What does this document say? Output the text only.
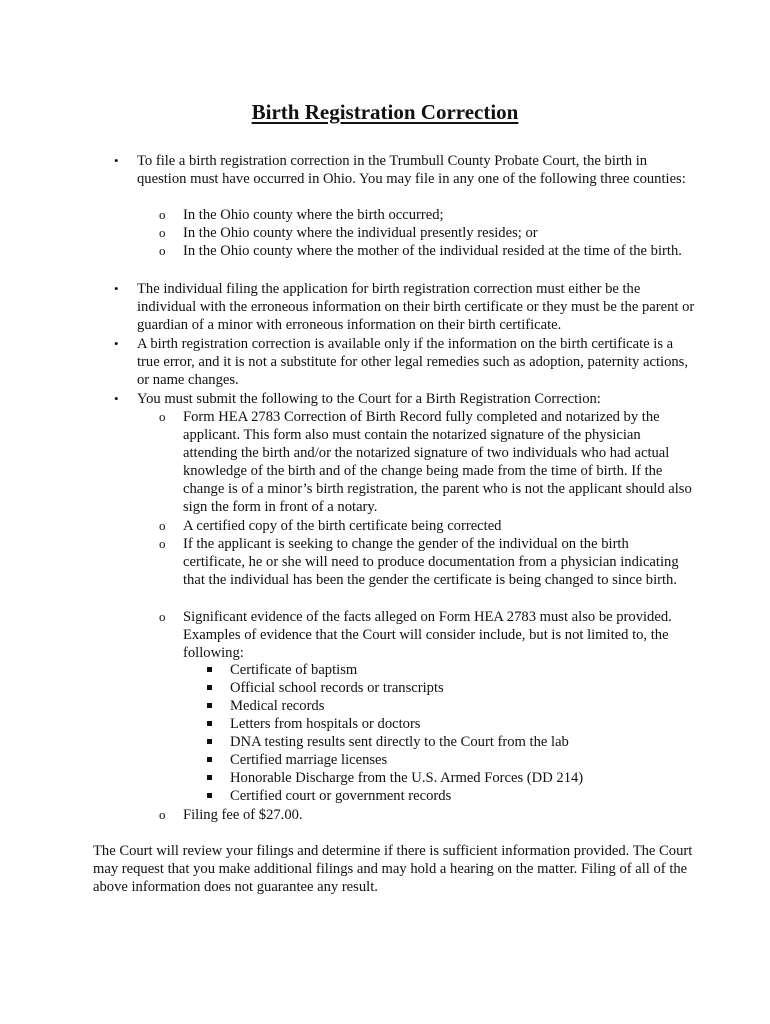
Birth Registration Correction
• To file a birth registration correction in the Trumbull County Probate Court, the birth in question must have occurred in Ohio. You may file in any one of the following three counties:
o In the Ohio county where the birth occurred;
o In the Ohio county where the individual presently resides; or
o In the Ohio county where the mother of the individual resided at the time of the birth.
• The individual filing the application for birth registration correction must either be the individual with the erroneous information on their birth certificate or they must be the parent or guardian of a minor with erroneous information on their birth certificate.
• A birth registration correction is available only if the information on the birth certificate is a true error, and it is not a substitute for other legal remedies such as adoption, paternity actions, or name changes.
• You must submit the following to the Court for a Birth Registration Correction:
o Form HEA 2783 Correction of Birth Record fully completed and notarized by the applicant. This form also must contain the notarized signature of the physician attending the birth and/or the notarized signature of two individuals who had actual knowledge of the birth and of the change being made from the time of birth. If the change is of a minor’s birth registration, the parent who is not the applicant should also sign the form in front of a notary.
o A certified copy of the birth certificate being corrected
o If the applicant is seeking to change the gender of the individual on the birth certificate, he or she will need to produce documentation from a physician indicating that the individual has been the gender the certificate is being changed to since birth.
o Significant evidence of the facts alleged on Form HEA 2783 must also be provided. Examples of evidence that the Court will consider include, but is not limited to, the following:
Certificate of baptism
Official school records or transcripts
Medical records
Letters from hospitals or doctors
DNA testing results sent directly to the Court from the lab
Certified marriage licenses
Honorable Discharge from the U.S. Armed Forces (DD 214)
Certified court or government records
o Filing fee of $27.00.
The Court will review your filings and determine if there is sufficient information provided. The Court may request that you make additional filings and may hold a hearing on the matter. Filing of all of the above information does not guarantee any result.
